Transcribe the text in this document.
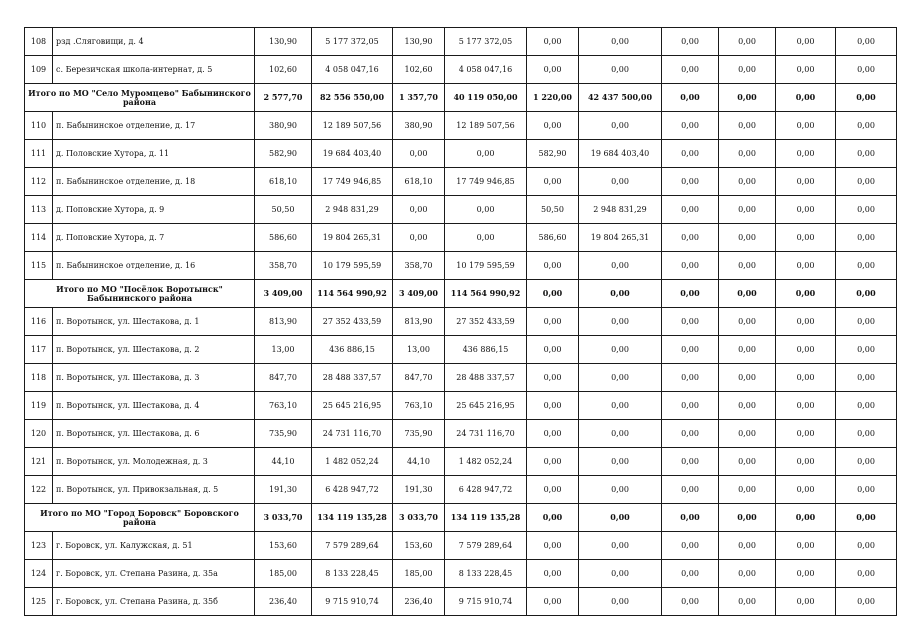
108	рзд .Сляговищи, д. 4	130,90	5 177 372,05	130,90	5 177 372,05	0,00	0,00	0,00	0,00	0,00	0,00
109	с. Березичская школа-интернат, д. 5	102,60	4 058 047,16	102,60	4 058 047,16	0,00	0,00	0,00	0,00	0,00	0,00
Итого по МО "Село Муромцево" Бабынинского района		2 577,70	82 556 550,00	1 357,70	40 119 050,00	1 220,00	42 437 500,00	0,00	0,00	0,00	0,00
110	п. Бабынинское отделение, д. 17	380,90	12 189 507,56	380,90	12 189 507,56	0,00	0,00	0,00	0,00	0,00	0,00
111	д. Половские Хутора, д. 11	582,90	19 684 403,40	0,00	0,00	582,90	19 684 403,40	0,00	0,00	0,00	0,00
112	п. Бабынинское отделение, д. 18	618,10	17 749 946,85	618,10	17 749 946,85	0,00	0,00	0,00	0,00	0,00	0,00
113	д. Поповские Хутора, д. 9	50,50	2 948 831,29	0,00	0,00	50,50	2 948 831,29	0,00	0,00	0,00	0,00
114	д. Поповские Хутора, д. 7	586,60	19 804 265,31	0,00	0,00	586,60	19 804 265,31	0,00	0,00	0,00	0,00
115	п. Бабынинское отделение, д. 16	358,70	10 179 595,59	358,70	10 179 595,59	0,00	0,00	0,00	0,00	0,00	0,00
Итого по МО "Посёлок Воротынск" Бабынинского района		3 409,00	114 564 990,92	3 409,00	114 564 990,92	0,00	0,00	0,00	0,00	0,00	0,00
116	п. Воротынск, ул. Шестакова, д. 1	813,90	27 352 433,59	813,90	27 352 433,59	0,00	0,00	0,00	0,00	0,00	0,00
117	п. Воротынск, ул. Шестакова, д. 2	13,00	436 886,15	13,00	436 886,15	0,00	0,00	0,00	0,00	0,00	0,00
118	п. Воротынск, ул. Шестакова, д. 3	847,70	28 488 337,57	847,70	28 488 337,57	0,00	0,00	0,00	0,00	0,00	0,00
119	п. Воротынск, ул. Шестакова, д. 4	763,10	25 645 216,95	763,10	25 645 216,95	0,00	0,00	0,00	0,00	0,00	0,00
120	п. Воротынск, ул. Шестакова, д. 6	735,90	24 731 116,70	735,90	24 731 116,70	0,00	0,00	0,00	0,00	0,00	0,00
121	п. Воротынск, ул. Молодежная, д. 3	44,10	1 482 052,24	44,10	1 482 052,24	0,00	0,00	0,00	0,00	0,00	0,00
122	п. Воротынск, ул. Привокзальная, д. 5	191,30	6 428 947,72	191,30	6 428 947,72	0,00	0,00	0,00	0,00	0,00	0,00
Итого по МО "Город Боровск" Боровского района		3 033,70	134 119 135,28	3 033,70	134 119 135,28	0,00	0,00	0,00	0,00	0,00	0,00
123	г. Боровск, ул. Калужская, д. 51	153,60	7 579 289,64	153,60	7 579 289,64	0,00	0,00	0,00	0,00	0,00	0,00
124	г. Боровск, ул. Степана Разина, д. 35а	185,00	8 133 228,45	185,00	8 133 228,45	0,00	0,00	0,00	0,00	0,00	0,00
125	г. Боровск, ул. Степана Разина, д. 35б	236,40	9 715 910,74	236,40	9 715 910,74	0,00	0,00	0,00	0,00	0,00	0,00
